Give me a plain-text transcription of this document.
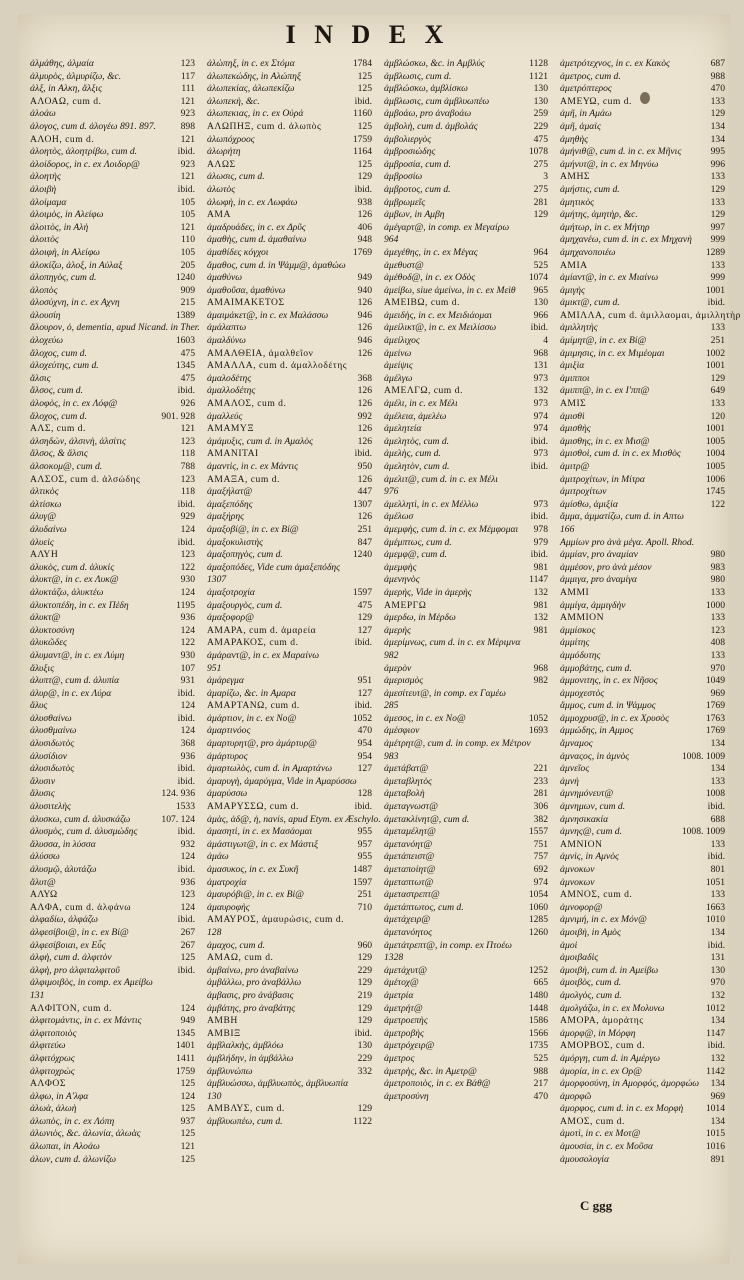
I N D E X
ἀλμάθης, ἀλμαία	123
ἀλμυρὸς, ἀλμυρίζω, &c.	117
ἀλξ, in Αλκη, ἄλξις	111
ΑΛΟΑΩ, cum d.	121
ἀλοάω	923
ἀλογος, cum d. ἀλογέω 891. 897.	898
ΑΛΟΗ, cum d.	121
ἀλοητὸς, ἀλοητρίβω, cum d.	ibid.
ἀλοίδορος, in c. ex Λοιδορ@	923
ἀλοητὴς	121
ἀλοιβὴ	ibid.
ἀλοίμαμα	105
ἀλοιμὸς, in Αλείφω	105
ἀλοιτὸς, in Αλὴ	121
ἀλοιτὸς	110
ἀλοιφὴ, in Αλείφω	105
ἀλοκίζω, ἀλοξ, in Αὐλαξ	205
ἀλοπηγὸς, cum d.	1240
ἀλοπὸς	909
ἀλοσύχνη, in c. ex Αχνη	215
ἀλουσίη	1389
ἄλουρον, ὁ, dementia, apud Nicand. in Ther.
ἀλοχεύω	1603
ἄλοχος, cum d.	475
ἀλοχεύτης, cum d.	1345
ἄλσις	475
ἄλσος, cum d.	ibid.
ἀλοφὸς, in c. ex Λόφ@	926
ἄλοχος, cum d.	901. 928
ΑΛΣ, cum d.	121
ἀλσηδὼν, ἀλσινὴ, ἀλσίτις	123
ἄλσος, & ἄλσις	118
ἀλσοκομ@, cum d.	788
ΑΛΣΟΣ, cum d. ἀλσώδης	123
ἀλτικὸς	118
ἀλτίσκω	ibid.
ἀλυγ@	929
ἀλυδαίνω	124
ἀλυεὶς	ibid.
ΑΛΥΗ	123
ἀλυκὸς, cum d. ἀλυκὶς	122
ἀλυκτ@, in c. ex Λυκ@	930
ἀλυκτάζω, ἀλυκτέω	124
ἀλυκτοπέδη, in c. ex Πέδη	1195
ἀλυκτ@	936
ἀλυκτοσύνη	124
ἀλυκῶδες	122
ἀλυμαντ@, in c. ex Λύμη	930
ἄλυξις	107
ἀλυπτ@, cum d. ἀλυπία	931
ἀλυρ@, in c. ex Λύρα	ibid.
ἄλυς	124
ἀλυσθαίνω	ibid.
ἀλυσθμαίνω	124
ἀλυσιδωτὸς	368
ἀλυσίδιον	936
ἀλυσιδωτὸς	ibid.
ἄλυσιν	ibid.
ἄλυσις	124. 936
ἀλυσιτελὴς	1533
ἀλυσκω, cum d. ἀλυσκάζω	107. 124
ἀλυσμὸς, cum d. ἀλυσμώδης	ibid.
ἄλυσσα, in λύσσα	932
ἀλύσσω	124
ἀλυσμῷ, ἀλυτάζω	ibid.
ἄλυτ@	936
ΑΛΥΩ	123
ΑΛΦΑ, cum d. ἀλφάνω	124
ἀλφαδίω, ἀλφάζω	ibid.
ἀλφεσίβοι@, in c. ex Βί@	267
ἀλφεσίβοιαι, ex Εὖς	267
ἀλφὴ, cum d. ἀλφιτὸν	125
ἀλφὴ, pro ἀλφιταλφιτοῦ	ibid.
ἀλφιμοιβὸς, in comp. ex Αμείβω
131
ΑΛΦΙΤΟΝ, cum d.	124
ἀλφιτομάντις, in c. ex Μάντις	949
ἀλφιτοποιὸς	1345
ἀλφιτεύω	1401
ἀλφιτόχρως	1411
ἀλφιτοχρὼς	1759
ΑΛΦΟΣ	125
ἀλφω, in Α'λφα	124
ἀλωὰ, ἀλωὴ	125
ἀλωπὸς, in c. ex Λόπη	937
ἀλωνιὸς, &c. ἀλωνία, ἀλωὰς	125
ἀλωπαι, in Αλοάω	121
ἀλων, cum d. ἀλωνίζω	125
ἀλώπηξ, in c. ex Στόμα	1784
ἀλωπεκώδης, in Αλώπηξ	125
ἀλωπεκίας, ἀλωπεκίζω	125
ἀλωπεκὴ, &c.	ibid.
ἀλωπεκιας, in c. ex Οὐρά	1160
ΑΛΩΠΗΞ, cum d. ἀλωπὸς	125
ἀλωπόχροος	1759
ἀλωρήτη	1164
ΑΛΩΣ	125
ἀλωσις, cum d.	129
ἀλωτὸς	ibid.
ἀλωφὴ, in c. ex Λωφάω	938
ΑΜΑ	126
ἀμαδρυάδες, in c. ex Δρῦς	406
ἀμαθὴς, cum d. ἀμαθαίνω	948
ἀμαθίδες κόγχοι	1769
ἄμαθος, cum d. in Ψάμμ@, ἀμαθώω
ἀμαθύνω	949
ἀμαθοῦσα, ἀμαθύνω	940
ΑΜΑΙΜΑΚΕΤΟΣ	126
ἀμαιμάκετ@, in c. ex Μαλάσσω	946
ἀμάλαπτω	126
ἀμαλδύνω	946
ΑΜΑΛΘΕΙΑ, ἀμαλθεῖον	126
ΑΜΑΛΛΑ, cum d. ἀμαλλοδέτης
ἀμαλοδέτης	368
ἀμαλλοδέτης	126
ΑΜΑΛΟΣ, cum d.	126
ἀμαλλεύς	992
ΑΜΑΜΥΞ	126
ἀμάμυξις, cum d. in Αμαλὸς	126
ΑΜΑΝΙΤΑΙ	ibid.
ἀμαντὶς, in c. ex Μάντις	950
ΑΜΑΞΑ, cum d.	126
ἀμαξήλατ@	447
ἀμαξεπόδης	1307
ἀμαξήρης	126
ἀμαξοβί@, in c. ex Βί@	251
ἀμαξοκυλιστὴς	847
ἀμαξοπηγὸς, cum d.	1240
ἀμαξοπόδες, Vide cum ἀμαξεπόδης
1307
ἀμαξοτροχία	1597
ἀμαξουργὸς, cum d.	475
ἀμαξοφορ@	129
ΑΜΑΡΑ, cum d. ἀμαρεία	127
ΑΜΑΡΑΚΟΣ, cum d.	ibid.
ἀμάραντ@, in c. ex Μαραίνω
951
ἀμάρεγμα	951
ἀμαρίζω, &c. in Αμαρα	127
ΑΜΑΡΤΑΝΩ, cum d.	ibid.
ἀμάρτιον, in c. ex Νο@	1052
ἀμαρτινόος	470
ἀμαρτυρητ@, pro ἀμάρτυρ@	954
ἀμάρτυρος	954
ἀμαρτωλὸς, cum d. in Αμαρτάνω	127
ἀμαρυγὴ, ἀμαρύγμα, Vide in Αμαρύσσω
ἀμαρύσσω	128
ΑΜΑΡΥΣΣΩ, cum d.	ibid.
ἀμὰς, ἀδ@, ἡ, navis, apud Etym. ex Æschylo.
ἀμασητὶ, in c. ex Μασάομαι	955
ἀμάστιγωτ@, in c. ex Μάστιξ	957
ἀμάω	955
ἀμασυκος, in c. ex Συκῆ	1487
ἀματροχία	1597
ἀμαυρόβι@, in c. ex Βί@	251
ἀμαυροφὴς	710
ΑΜΑΥΡΟΣ, ἀμαυρώσις, cum d.
128
ἀμαχος, cum d.	960
ΑΜΑΩ, cum d.	129
ἀμβαίνω, pro ἀναβαίνω	229
ἀμβάλλω, pro ἀναβάλλω	129
ἀμβασις, pro ἀνάβασις	219
ἀμβάτης, pro ἀναβάτης	129
ΑΜΒΗ	129
ΑΜΒΙΞ	ibid.
ἀμβλαλκὴς, ἀμβλόω	130
ἀμβλήδην, in ἀμβάλλω	229
ἀμβλυνώπω	332
ἀμβλυώσσω, ἀμβλυωπὸς, ἀμβλυωπία
130
ΑΜΒΛΥΣ, cum d.	129
ἀμβλυωπέω, cum d.	1122
ἀμβλώσκω, &c. in Αμβλύς	1128
ἀμβλωσις, cum d.	1121
ἀμβλώσκω, ἀμβλίσκω	130
ἀμβλωσις, cum ἀμβλυωπέω	130
ἀμβοάω, pro ἀναβοάω	259
ἀμβολὴ, cum d. ἀμβολάς	229
ἀμβολιεργὸς	475
ἀμβροσιώδης	1078
ἀμβροσία, cum d.	275
ἀμβροσίω	3
ἀμβροτος, cum d.	275
ἀμβρωμεῖς	281
ἀμβων, in Αμβη	129
ἀμέγαρτ@, in comp. ex Μεγαίρω
964
ἀμεγέθης, in c. ex Μέγας	964
ἀμεθυστ@	525
ἀμέθοδ@, in c. ex Οδὸς	1074
ἀμείβω, siue ἀμείνω, in c. ex Μεὶθ	965
ΑΜΕΙΒΩ, cum d.	130
ἀμειδὴς, in c. ex Μειδιάομαι	966
ἀμείλικτ@, in c. ex Μειλίσσω	ibid.
ἀμείλιχος	4
ἀμείνω	968
ἀμείψις	131
ἀμέλγω	973
ΑΜΕΛΓΩ, cum d.	132
ἀμέλι, in c. ex Μέλι	973
ἀμέλεια, ἀμελέω	974
ἀμελητεία	974
ἀμελητὸς, cum d.	ibid.
ἀμελὴς, cum d.	973
ἀμελητὸν, cum d.	ibid.
ἀμελιτ@, cum d. in c. ex Μέλι
976
ἀμελλητὶ, in c. ex Μέλλω	973
ἀμέλωσ	ibid.
ἀμεμφὴς, cum d. in c. ex Μέμφομαι	978
ἀμέμπτως, cum d.	979
ἀμεμφ@, cum d.	ibid.
ἀμεμφὴς	981
ἀμενηνὸς	1147
ἀμερὴς, Vide in ἀμερὴς	132
ΑΜΕΡΓΩ	981
ἀμερδω, in Μέρδω	132
ἀμερὴς	981
ἀμερίμνως, cum d. in c. ex Μέριμνα
982
ἀμερὸν	968
ἀμερισμὸς	982
ἀμεσίτευτ@, in comp. ex Γαμέω
285
ἀμεσος, in c. ex Νο@	1052
ἀμέσφιον	1693
ἀμέτρητ@, cum d. in comp. ex Μέτρον
983
ἀμετάβατ@	221
ἀμεταβλητὸς	233
ἀμεταβολὴ	281
ἀμεταγνωστ@	306
ἀμετακλίνητ@, cum d.	382
ἀμεταμέλητ@	1557
ἀμετανόητ@	751
ἀμετάπειστ@	757
ἀμεταποίητ@	692
ἀμεταπτωτ@	974
ἀμεταστρεπτ@	1054
ἀμετάπτωτος, cum d.	1060
ἀμετάχειρ@	1285
ἀμετανόητος	1260
ἀμετάτρεπτ@, in comp. ex Πτοέω
1328
ἀμετάχυτ@	1252
ἀμέτοχ@	665
ἀμετρία	1480
ἀμετρήτ@	1448
ἀμετροεπὴς	1586
ἀμετροβὴς	1566
ἀμετρόχειρ@	1735
ἀμετρος	525
ἀμετρὴς, &c. in Αμετρ@	988
ἀμετροποιὸς, in c. ex Βάθ@	217
ἀμετροσύνη	470
ἀμετρότεχνος, in c. ex Κακὸς	687
ἀμετρος, cum d.	988
ἀμετρόπτερος	470
ΑΜΕΥΩ, cum d.	133
ἀμῆ, in Αμάω	129
ἀμῆ, ἀμαὶς	134
ἀμηθὴς	134
ἀμήνιθ@, cum d. in c. ex Μῆνις	995
ἀμήνυτ@, in c. ex Μηνύω	996
ΑΜΗΣ	133
ἀμήστις, cum d.	129
ἀμητικὸς	133
ἀμήτης, ἀμητὴρ, &c.	129
ἀμήτωρ, in c. ex Μήτηρ	997
ἀμηχανέω, cum d. in c. ex Μηχανὴ	999
ἀμηχανοποιέω	1289
ΑΜΙΑ	133
ἀμίαντ@, in c. ex Μιαίνω	999
ἀμιγὴς	1001
ἀμικτ@, cum d.	ibid.
ΑΜΙΛΛΑ, cum d. ἀμιλλαομαι, ἀμιλλητὴρ
ἀμιλλητὴς	133
ἀμίμητ@, in c. ex Βί@	251
ἀμιμησις, in c. ex Μιμέομαι	1002
ἀμιξία	1001
ἀμιπποι	129
ἀμιππ@, in c. ex Ι'ππ@	649
ΑΜΙΣ	133
ἀμισθὶ	120
ἀμισθὴς	1001
ἀμισθης, in c. ex Μισ@	1005
ἀμισθοὶ, cum d. in c. ex Μισθὸς	1004
ἀμιτρ@	1005
ἀμιτροχίτων, in Μίτρα	1006
ἀμιτροχίτων	1745
ἀμίσθω, ἀμιξία	122
ἄμμα, ἀμματίζω, cum d. in Απτω
166
Αμμίων pro ἀνὰ μέγα. Apoll. Rhod.
ἀμμίαν, pro ἀναμίαν	980
ἀμμέσον, pro ἀνὰ μέσον	983
ἀμμιγα, pro ἀναμίγα	980
ΑΜΜΙ	133
ἀμμίγα, ἀμμιγδὴν	1000
ΑΜΜΙΟΝ	133
ἀμμίσκος	123
ἀμμίτης	408
ἀμμόδυτης	133
ἀμμοβάτης, cum d.	970
ἀμμονιτης, in c. ex Νῆσος	1049
ἀμμοχεστὸς	969
ἄμμος, cum d. in Ψάμμος	1769
ἀμμοχρυσ@, in c. ex Χρυσὸς	1763
ἀμμώδης, in Αμμος	1769
ἄμναμος	134
ἀμναςος, in ἀμνὸς	1008. 1009
ἀμνεῖος	134
ἀμνὴ	133
ἀμνημόνευτ@	1008
ἀμνημων, cum d.	ibid.
ἀμνησικακία	688
ἀμνης@, cum d.	1008. 1009
ΑΜΝΙΟΝ	133
ἀμνὶς, in Αμνὸς	ibid.
ἀμνοκων	801
ἀμνοκων	1051
ΑΜΝΟΣ, cum d.	133
ἀμνοφορ@	1663
ἀμνιμή, in c. ex Μόν@	1010
ἀμοιβὴ, in Αμὸς	134
ἀμοὶ	ibid.
ἀμοιβαδὶς	131
ἀμοιβὴ, cum d. in Αμείβω	130
ἀμοιβὸς, cum d.	970
ἀμολγὸς, cum d.	132
ἀμολγάζω, in c. ex Μολυνω	1012
ΑΜΟΡΑ, ἀμοράτης	134
ἀμορφ@, in Μόρφη	1147
ΑΜΟΡΒΟΣ, cum d.	ibid.
ἀμόργη, cum d. in Αμέργω	132
ἀμορία, in c. ex Ορ@	1142
ἀμορφοσύνη, in Αμορφός, ἀμορφώω	134
ἀμορφῶ	969
ἀμορφος, cum d. in c. ex Μορφὴ	1014
ΑΜΟΣ, cum d.	134
ἀμοτὶ, in c. ex Μοτ@	1015
ἀμουσία, in c. ex Μοῦσα	1016
ἀμουσολογία	891
C ggg
